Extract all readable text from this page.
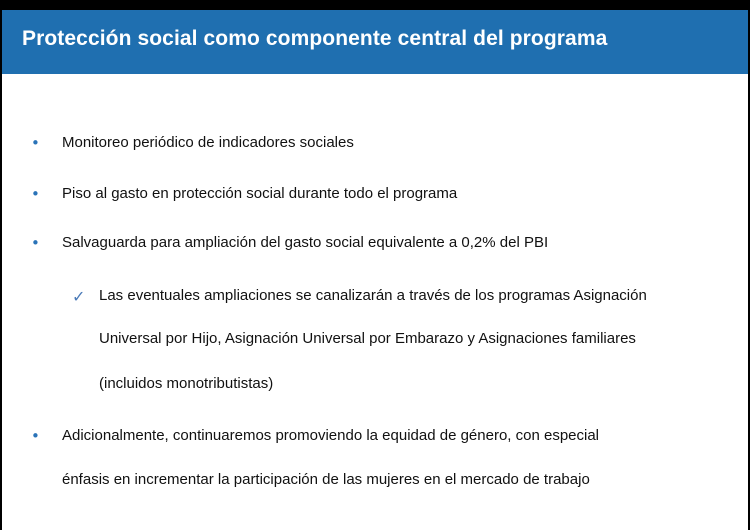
Protección social como componente central del programa
• Monitoreo periódico de indicadores sociales
• Piso al gasto en protección social durante todo el programa
• Salvaguarda para ampliación del gasto social equivalente a 0,2% del PBI
✓ Las eventuales ampliaciones se canalizarán a través de los programas Asignación
Universal por Hijo, Asignación Universal por Embarazo y Asignaciones familiares
(incluidos monotributistas)
• Adicionalmente, continuaremos promoviendo la equidad de género, con especial
énfasis en incrementar la participación de las mujeres en el mercado de trabajo
